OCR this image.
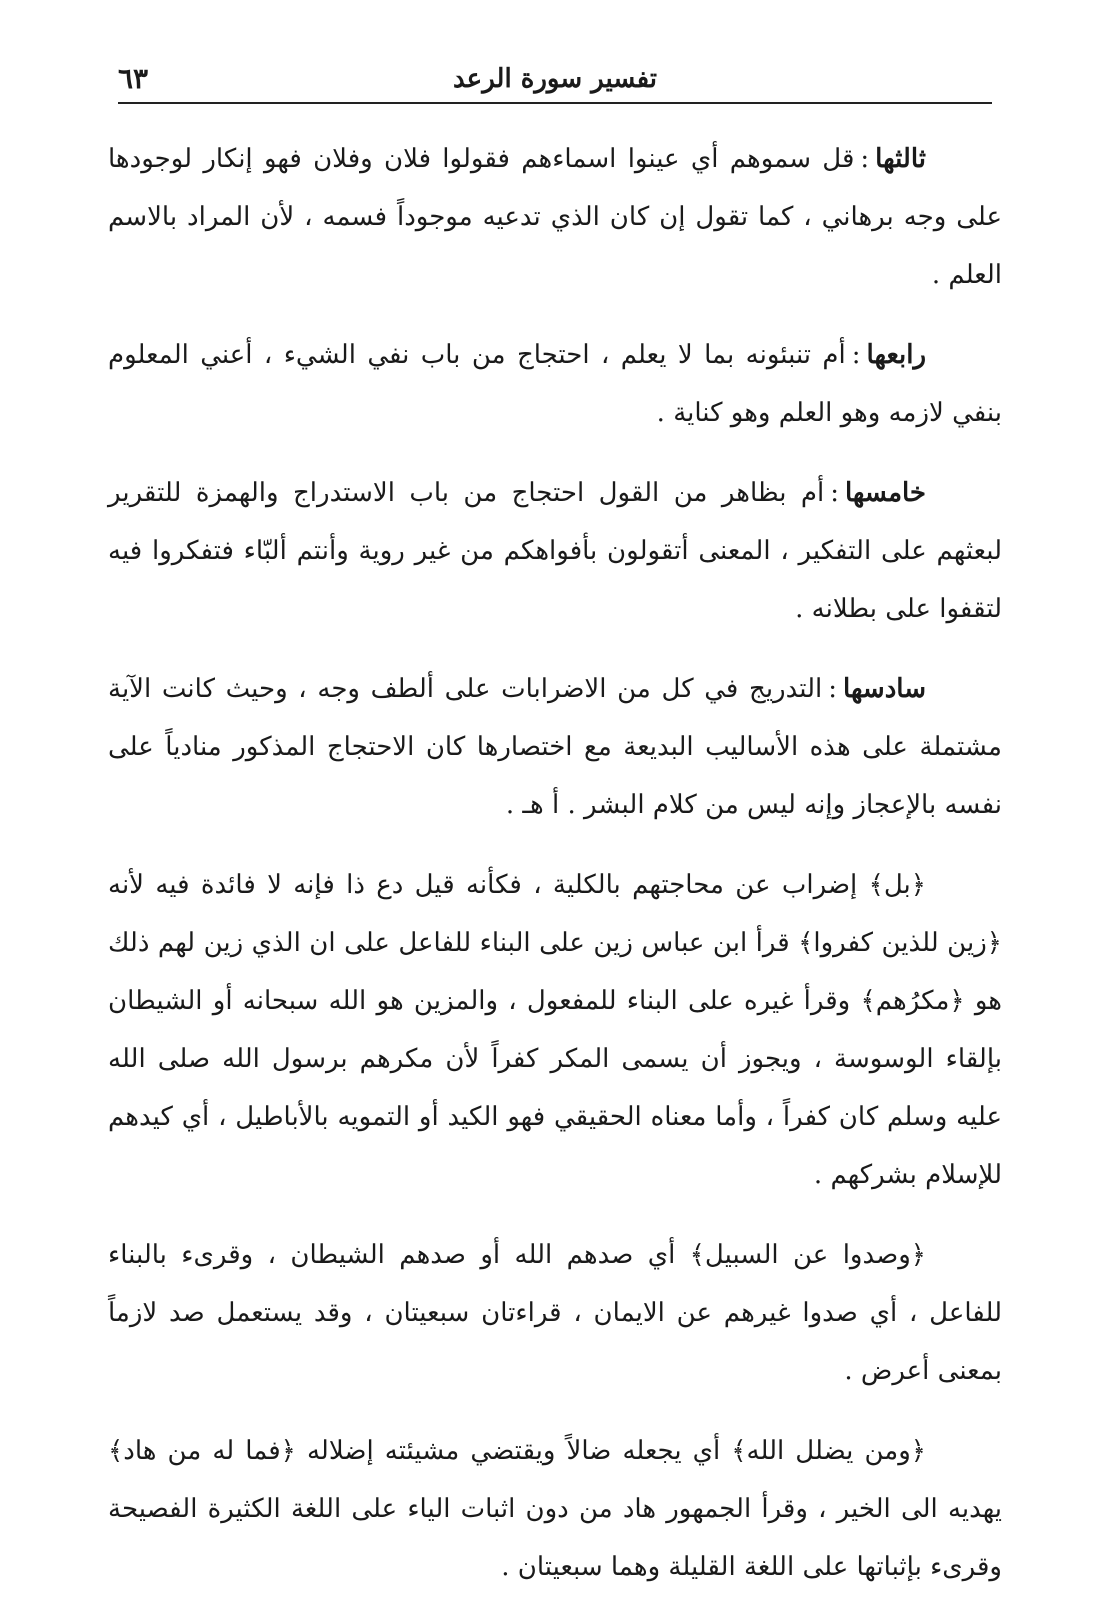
تفسير سورة الرعد
٦٣

ثالثها:قل سموهم أي عينوا اسماءهم فقولوا فلان وفلان فهو إنكار لوجودها على وجه برهاني ، كما تقول إن كان الذي تدعيه موجوداً فسمه ، لأن المراد بالاسم العلم .

رابعها:أم تنبئونه بما لا يعلم ، احتجاج من باب نفي الشيء ، أعني المعلوم بنفي لازمه وهو العلم وهو كناية .

خامسها:أم بظاهر من القول احتجاج من باب الاستدراج والهمزة للتقرير لبعثهم على التفكير ، المعنى أتقولون بأفواهكم من غير روية وأنتم ألبّاء فتفكروا فيه لتقفوا على بطلانه .

سادسها:التدريج في كل من الاضرابات على ألطف وجه ، وحيث كانت الآية مشتملة على هذه الأساليب البديعة مع اختصارها كان الاحتجاج المذكور منادياً على نفسه بالإعجاز وإنه ليس من كلام البشر . أ هـ .

﴿بل﴾ إضراب عن محاجتهم بالكلية ، فكأنه قيل دع ذا فإنه لا فائدة فيه لأنه ﴿زين للذين كفروا﴾ قرأ ابن عباس زين على البناء للفاعل على ان الذي زين لهم ذلك هو ﴿مكرُهم﴾ وقرأ غيره على البناء للمفعول ، والمزين هو الله سبحانه أو الشيطان بإلقاء الوسوسة ، ويجوز أن يسمى المكر كفراً لأن مكرهم برسول الله صلى الله عليه وسلم كان كفراً ، وأما معناه الحقيقي فهو الكيد أو التمويه بالأباطيل ، أي كيدهم للإسلام بشركهم .

﴿وصدوا عن السبيل﴾ أي صدهم الله أو صدهم الشيطان ، وقرىء بالبناء للفاعل ، أي صدوا غيرهم عن الايمان ، قراءتان سبعيتان ، وقد يستعمل صد لازماً بمعنى أعرض .

﴿ومن يضلل الله﴾ أي يجعله ضالاً ويقتضي مشيئته إضلاله ﴿فما له من هاد﴾ يهديه الى الخير ، وقرأ الجمهور هاد من دون اثبات الياء على اللغة الكثيرة الفصيحة وقرىء بإثباتها على اللغة القليلة وهما سبعيتان .
